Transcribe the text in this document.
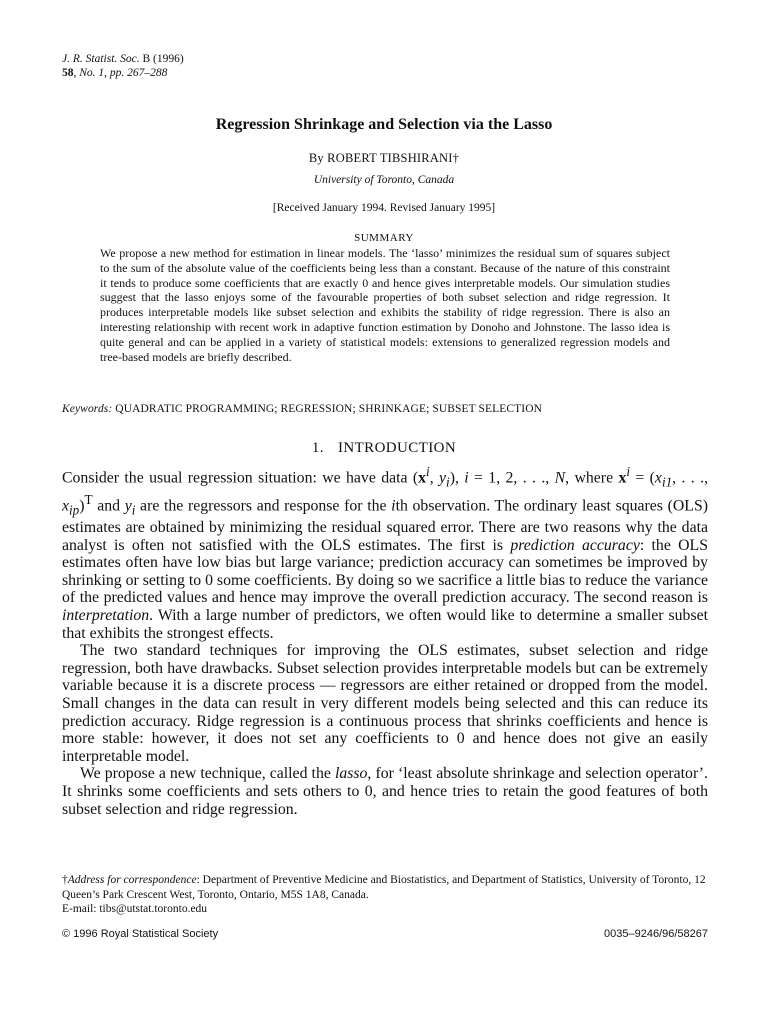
J. R. Statist. Soc. B (1996)
58, No. 1, pp. 267–288
Regression Shrinkage and Selection via the Lasso
By ROBERT TIBSHIRANI†
University of Toronto, Canada
[Received January 1994. Revised January 1995]
SUMMARY
We propose a new method for estimation in linear models. The ‘lasso’ minimizes the residual sum of squares subject to the sum of the absolute value of the coefficients being less than a constant. Because of the nature of this constraint it tends to produce some coefficients that are exactly 0 and hence gives interpretable models. Our simulation studies suggest that the lasso enjoys some of the favourable properties of both subset selection and ridge regression. It produces interpretable models like subset selection and exhibits the stability of ridge regression. There is also an interesting relationship with recent work in adaptive function estimation by Donoho and Johnstone. The lasso idea is quite general and can be applied in a variety of statistical models: extensions to generalized regression models and tree-based models are briefly described.
Keywords: QUADRATIC PROGRAMMING; REGRESSION; SHRINKAGE; SUBSET SELECTION
1. INTRODUCTION

Consider the usual regression situation: we have data ($x^i$, $y_i$), i = 1, 2, . . ., N, where $x^i = (x_{i1}$, . . ., $x_{ip})^T$ and $y_i$ are the regressors and response for the ith observation. The ordinary least squares (OLS) estimates are obtained by minimizing the residual squared error. There are two reasons why the data analyst is often not satisfied with the OLS estimates. The first is prediction accuracy: the OLS estimates often have low bias but large variance; prediction accuracy can sometimes be improved by shrinking or setting to 0 some coefficients. By doing so we sacrifice a little bias to reduce the variance of the predicted values and hence may improve the overall prediction accuracy. The second reason is interpretation. With a large number of predictors, we often would like to determine a smaller subset that exhibits the strongest effects.

The two standard techniques for improving the OLS estimates, subset selection and ridge regression, both have drawbacks. Subset selection provides interpretable models but can be extremely variable because it is a discrete process — regressors are either retained or dropped from the model. Small changes in the data can result in very different models being selected and this can reduce its prediction accuracy. Ridge regression is a continuous process that shrinks coefficients and hence is more stable: however, it does not set any coefficients to 0 and hence does not give an easily interpretable model.

We propose a new technique, called the lasso, for ‘least absolute shrinkage and selection operator’. It shrinks some coefficients and sets others to 0, and hence tries to retain the good features of both subset selection and ridge regression.

†Address for correspondence: Department of Preventive Medicine and Biostatistics, and Department of Statistics, University of Toronto, 12 Queen’s Park Crescent West, Toronto, Ontario, M5S 1A8, Canada.
E-mail: tibs@utstat.toronto.edu
© 1996 Royal Statistical Society	0035–9246/96/58267
